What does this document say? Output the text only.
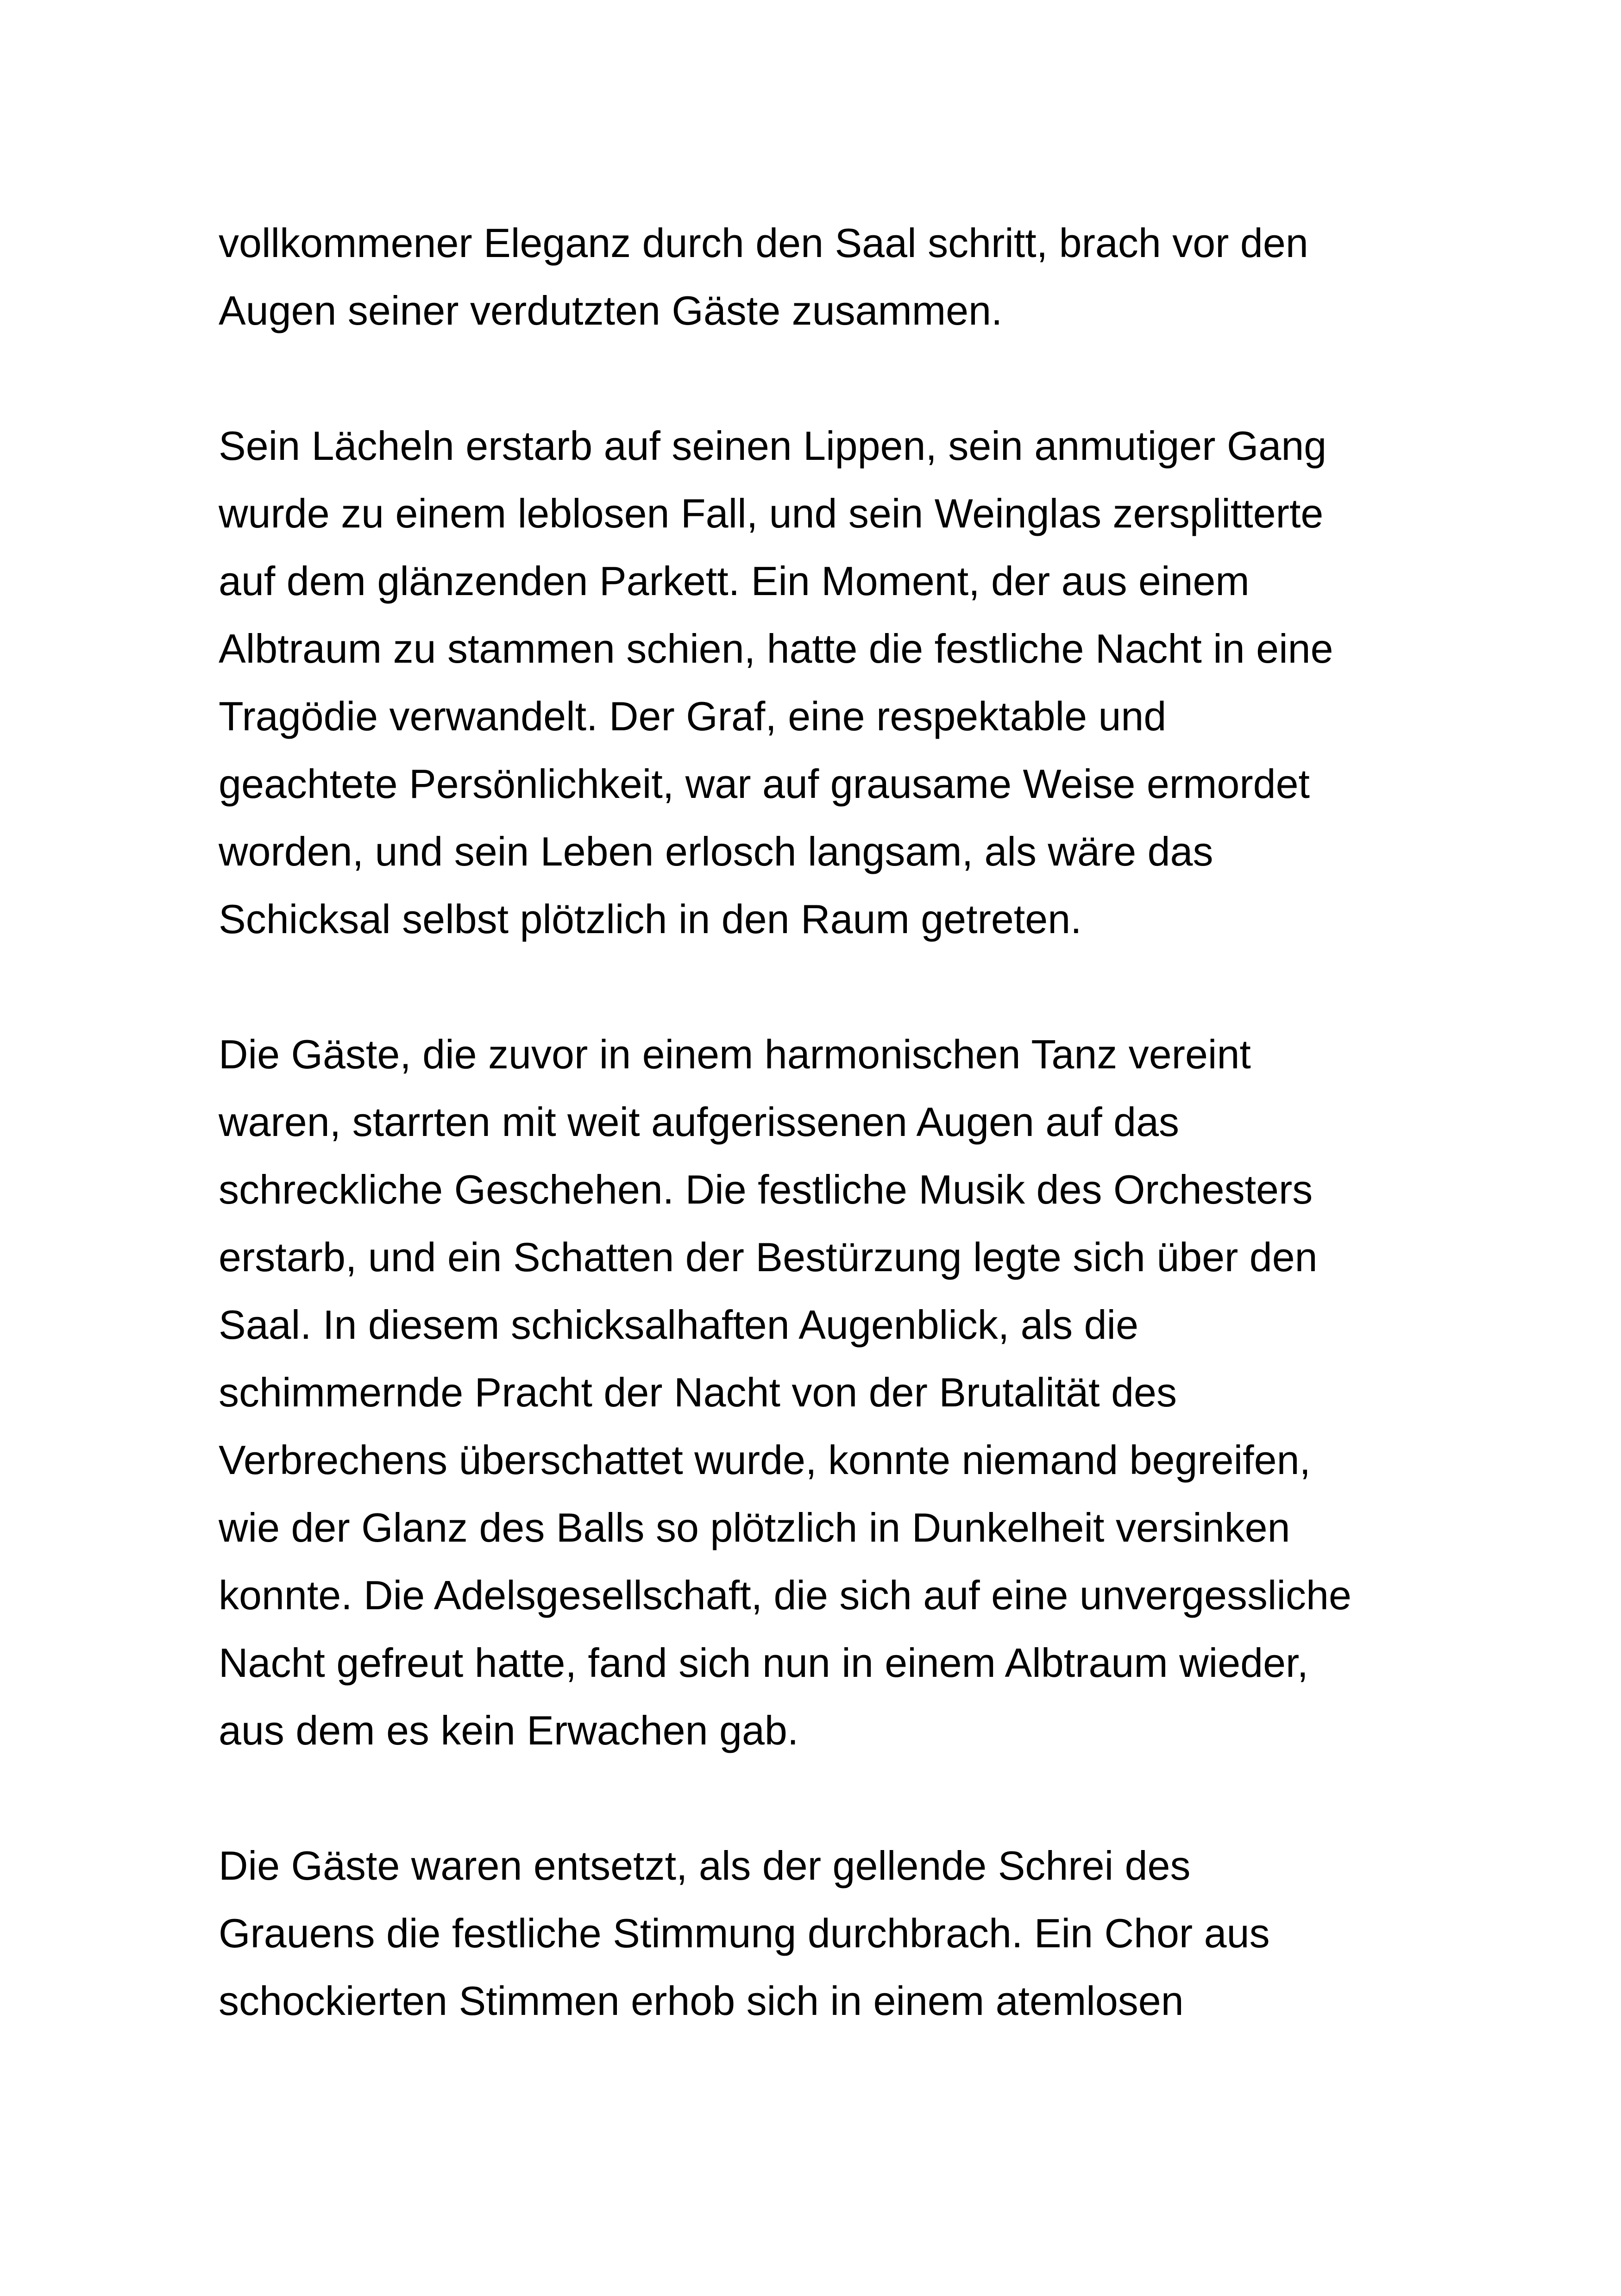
vollkommener Eleganz durch den Saal schritt, brach vor den
Augen seiner verdutzten Gäste zusammen.

Sein Lächeln erstarb auf seinen Lippen, sein anmutiger Gang
wurde zu einem leblosen Fall, und sein Weinglas zersplitterte
auf dem glänzenden Parkett. Ein Moment, der aus einem
Albtraum zu stammen schien, hatte die festliche Nacht in eine
Tragödie verwandelt. Der Graf, eine respektable und
geachtete Persönlichkeit, war auf grausame Weise ermordet
worden, und sein Leben erlosch langsam, als wäre das
Schicksal selbst plötzlich in den Raum getreten.

Die Gäste, die zuvor in einem harmonischen Tanz vereint
waren, starrten mit weit aufgerissenen Augen auf das
schreckliche Geschehen. Die festliche Musik des Orchesters
erstarb, und ein Schatten der Bestürzung legte sich über den
Saal. In diesem schicksalhaften Augenblick, als die
schimmernde Pracht der Nacht von der Brutalität des
Verbrechens überschattet wurde, konnte niemand begreifen,
wie der Glanz des Balls so plötzlich in Dunkelheit versinken
konnte. Die Adelsgesellschaft, die sich auf eine unvergessliche
Nacht gefreut hatte, fand sich nun in einem Albtraum wieder,
aus dem es kein Erwachen gab.

Die Gäste waren entsetzt, als der gellende Schrei des
Grauens die festliche Stimmung durchbrach. Ein Chor aus
schockierten Stimmen erhob sich in einem atemlosen
